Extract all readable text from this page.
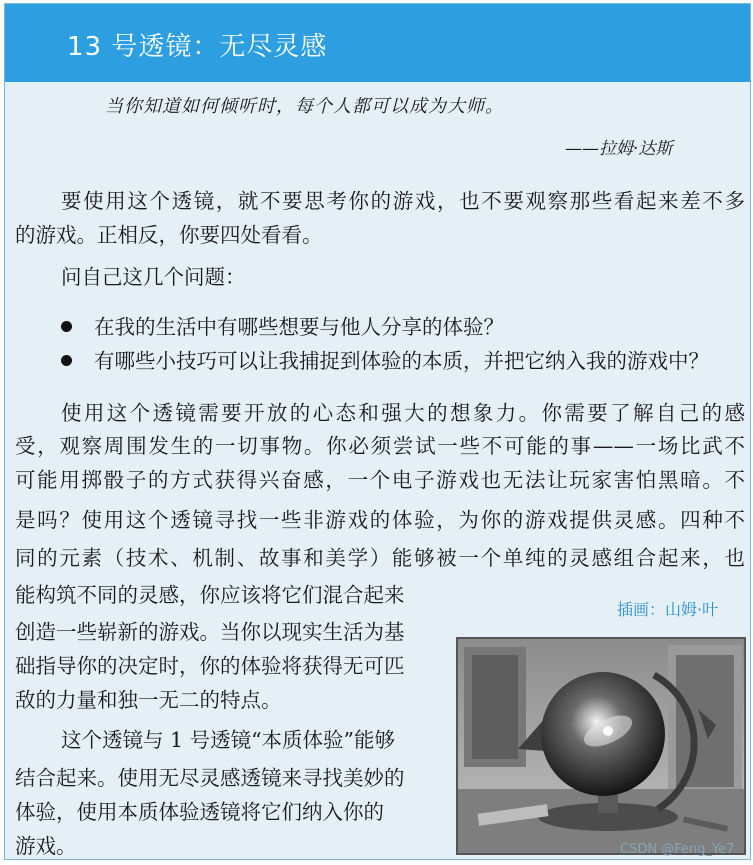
13 号透镜：无尽灵感
当你知道如何倾听时，每个人都可以成为大师。
——拉姆·达斯
要使用这个透镜，就不要思考你的游戏，也不要观察那些看起来差不多
的游戏。正相反，你要四处看看。
问自己这几个问题：
在我的生活中有哪些想要与他人分享的体验？
有哪些小技巧可以让我捕捉到体验的本质，并把它纳入我的游戏中？
使用这个透镜需要开放的心态和强大的想象力。你需要了解自己的感
受，观察周围发生的一切事物。你必须尝试一些不可能的事——一场比武不
可能用掷骰子的方式获得兴奋感，一个电子游戏也无法让玩家害怕黑暗。不
是吗？使用这个透镜寻找一些非游戏的体验，为你的游戏提供灵感。四种不
同的元素（技术、机制、故事和美学）能够被一个单纯的灵感组合起来，也
能构筑不同的灵感，你应该将它们混合起来
插画：山姆·叶
创造一些崭新的游戏。当你以现实生活为基
础指导你的决定时，你的体验将获得无可匹
敌的力量和独一无二的特点。
这个透镜与 1 号透镜“本质体验”能够
结合起来。使用无尽灵感透镜来寻找美妙的
体验，使用本质体验透镜将它们纳入你的
游戏。	CSDN @Feng_Ye7
